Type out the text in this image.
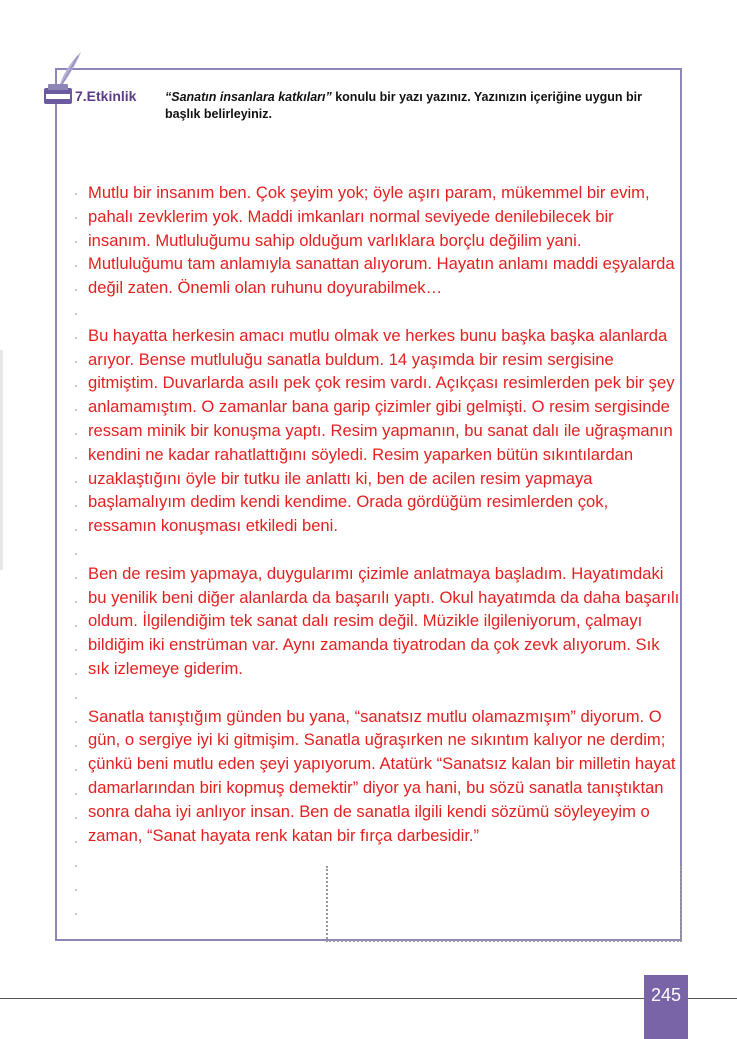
7.Etkinlik “Sanatın insanlara katkıları” konulu bir yazı yazınız. Yazınızın içeriğine uygun bir başlık belirleyiniz.

Mutlu bir insanım ben. Çok şeyim yok; öyle aşırı param, mükemmel bir evim, pahalı zevklerim yok. Maddi imkanları normal seviyede denilebilecek bir insanım. Mutluluğumu sahip olduğum varlıklara borçlu değilim yani. Mutluluğumu tam anlamıyla sanattan alıyorum. Hayatın anlamı maddi eşyalarda değil zaten. Önemli olan ruhunu doyurabilmek…

Bu hayatta herkesin amacı mutlu olmak ve herkes bunu başka başka alanlarda arıyor. Bense mutluluğu sanatla buldum. 14 yaşımda bir resim sergisine gitmiştim. Duvarlarda asılı pek çok resim vardı. Açıkçası resimlerden pek bir şey anlamamıştım. O zamanlar bana garip çizimler gibi gelmişti. O resim sergisinde ressam minik bir konuşma yaptı. Resim yapmanın, bu sanat dalı ile uğraşmanın kendini ne kadar rahatlattığını söyledi. Resim yaparken bütün sıkıntılardan uzaklaştığını öyle bir tutku ile anlattı ki, ben de acilen resim yapmaya başlamalıyım dedim kendi kendime. Orada gördüğüm resimlerden çok, ressamın konuşması etkiledi beni.

Ben de resim yapmaya, duygularımı çizimle anlatmaya başladım. Hayatımdaki bu yenilik beni diğer alanlarda da başarılı yaptı. Okul hayatımda da daha başarılı oldum. İlgilendiğim tek sanat dalı resim değil. Müzikle ilgileniyorum, çalmayı bildiğim iki enstrüman var. Aynı zamanda tiyatrodan da çok zevk alıyorum. Sık sık izlemeye giderim.

Sanatla tanıştığım günden bu yana, “sanatsız mutlu olamazmışım” diyorum. O gün, o sergiye iyi ki gitmişim. Sanatla uğraşırken ne sıkıntım kalıyor ne derdim; çünkü beni mutlu eden şeyi yapıyorum. Atatürk “Sanatsız kalan bir milletin hayat damarlarından biri kopmuş demektir” diyor ya hani, bu sözü sanatla tanıştıktan sonra daha iyi anlıyor insan. Ben de sanatla ilgili kendi sözümü söyleyeyim o zaman, “Sanat hayata renk katan bir fırça darbesidir.”

245
